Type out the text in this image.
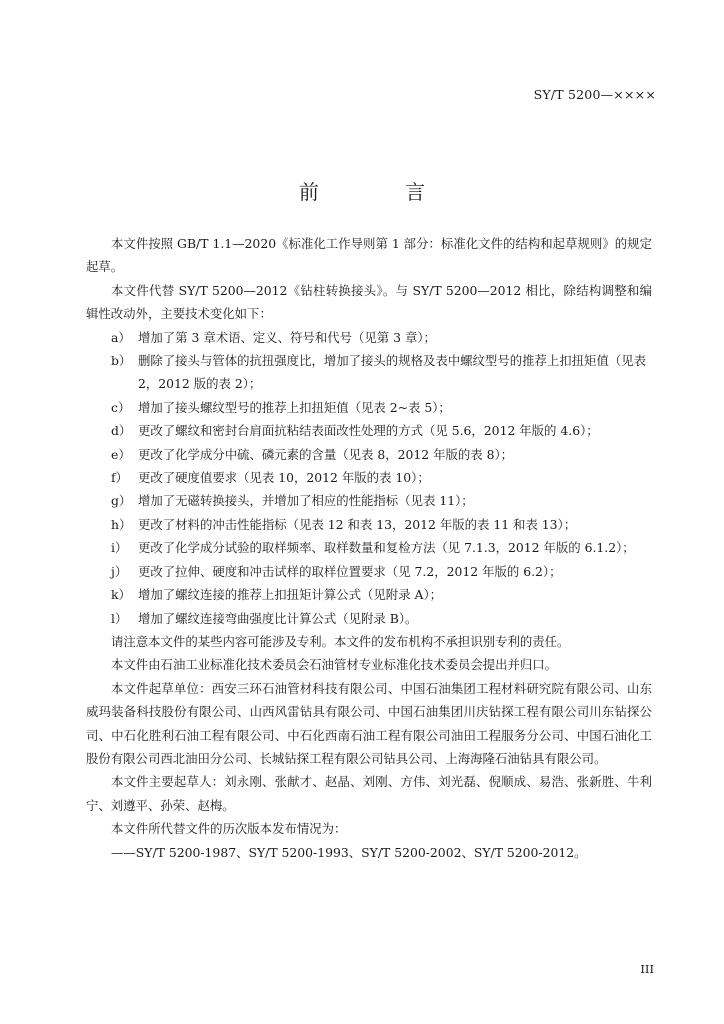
✕
SY/T 5200—××××
前 言

本文件按照 GB/T 1.1—2020《标准化工作导则第 1 部分：标准化文件的结构和起草规则》的规定起草。

本文件代替 SY/T 5200—2012《钻柱转换接头》。与 SY/T 5200—2012 相比，除结构调整和编辑性改动外，主要技术变化如下：

a） 增加了第 3 章术语、定义、符号和代号（见第 3 章）；
b） 删除了接头与管体的抗扭强度比，增加了接头的规格及表中螺纹型号的推荐上扣扭矩值（见表 2，2012 版的表 2）；
c） 增加了接头螺纹型号的推荐上扣扭矩值（见表 2~表 5）；
d） 更改了螺纹和密封台肩面抗粘结表面改性处理的方式（见 5.6，2012 年版的 4.6）；
e） 更改了化学成分中硫、磷元素的含量（见表 8，2012 年版的表 8）；
f） 更改了硬度值要求（见表 10，2012 年版的表 10）；
g） 增加了无磁转换接头，并增加了相应的性能指标（见表 11）；
h） 更改了材料的冲击性能指标（见表 12 和表 13，2012 年版的表 11 和表 13）；
i） 更改了化学成分试验的取样频率、取样数量和复检方法（见 7.1.3，2012 年版的 6.1.2）；
j） 更改了拉伸、硬度和冲击试样的取样位置要求（见 7.2，2012 年版的 6.2）；
k） 增加了螺纹连接的推荐上扣扭矩计算公式（见附录 A）；
l） 增加了螺纹连接弯曲强度比计算公式（见附录 B）。

请注意本文件的某些内容可能涉及专利。本文件的发布机构不承担识别专利的责任。

本文件由石油工业标准化技术委员会石油管材专业标准化技术委员会提出并归口。

本文件起草单位：西安三环石油管材科技有限公司、中国石油集团工程材料研究院有限公司、山东威玛装备科技股份有限公司、山西风雷钻具有限公司、中国石油集团川庆钻探工程有限公司川东钻探公司、中石化胜利石油工程有限公司、中石化西南石油工程有限公司油田工程服务分公司、中国石油化工股份有限公司西北油田分公司、长城钻探工程有限公司钻具公司、上海海隆石油钻具有限公司。

本文件主要起草人：刘永刚、张献才、赵晶、刘刚、方伟、刘光磊、倪顺成、易浩、张新胜、牛利宁、刘遵平、孙荣、赵梅。

本文件所代替文件的历次版本发布情况为：

——SY/T 5200-1987、SY/T 5200-1993、SY/T 5200-2002、SY/T 5200-2012。

III
